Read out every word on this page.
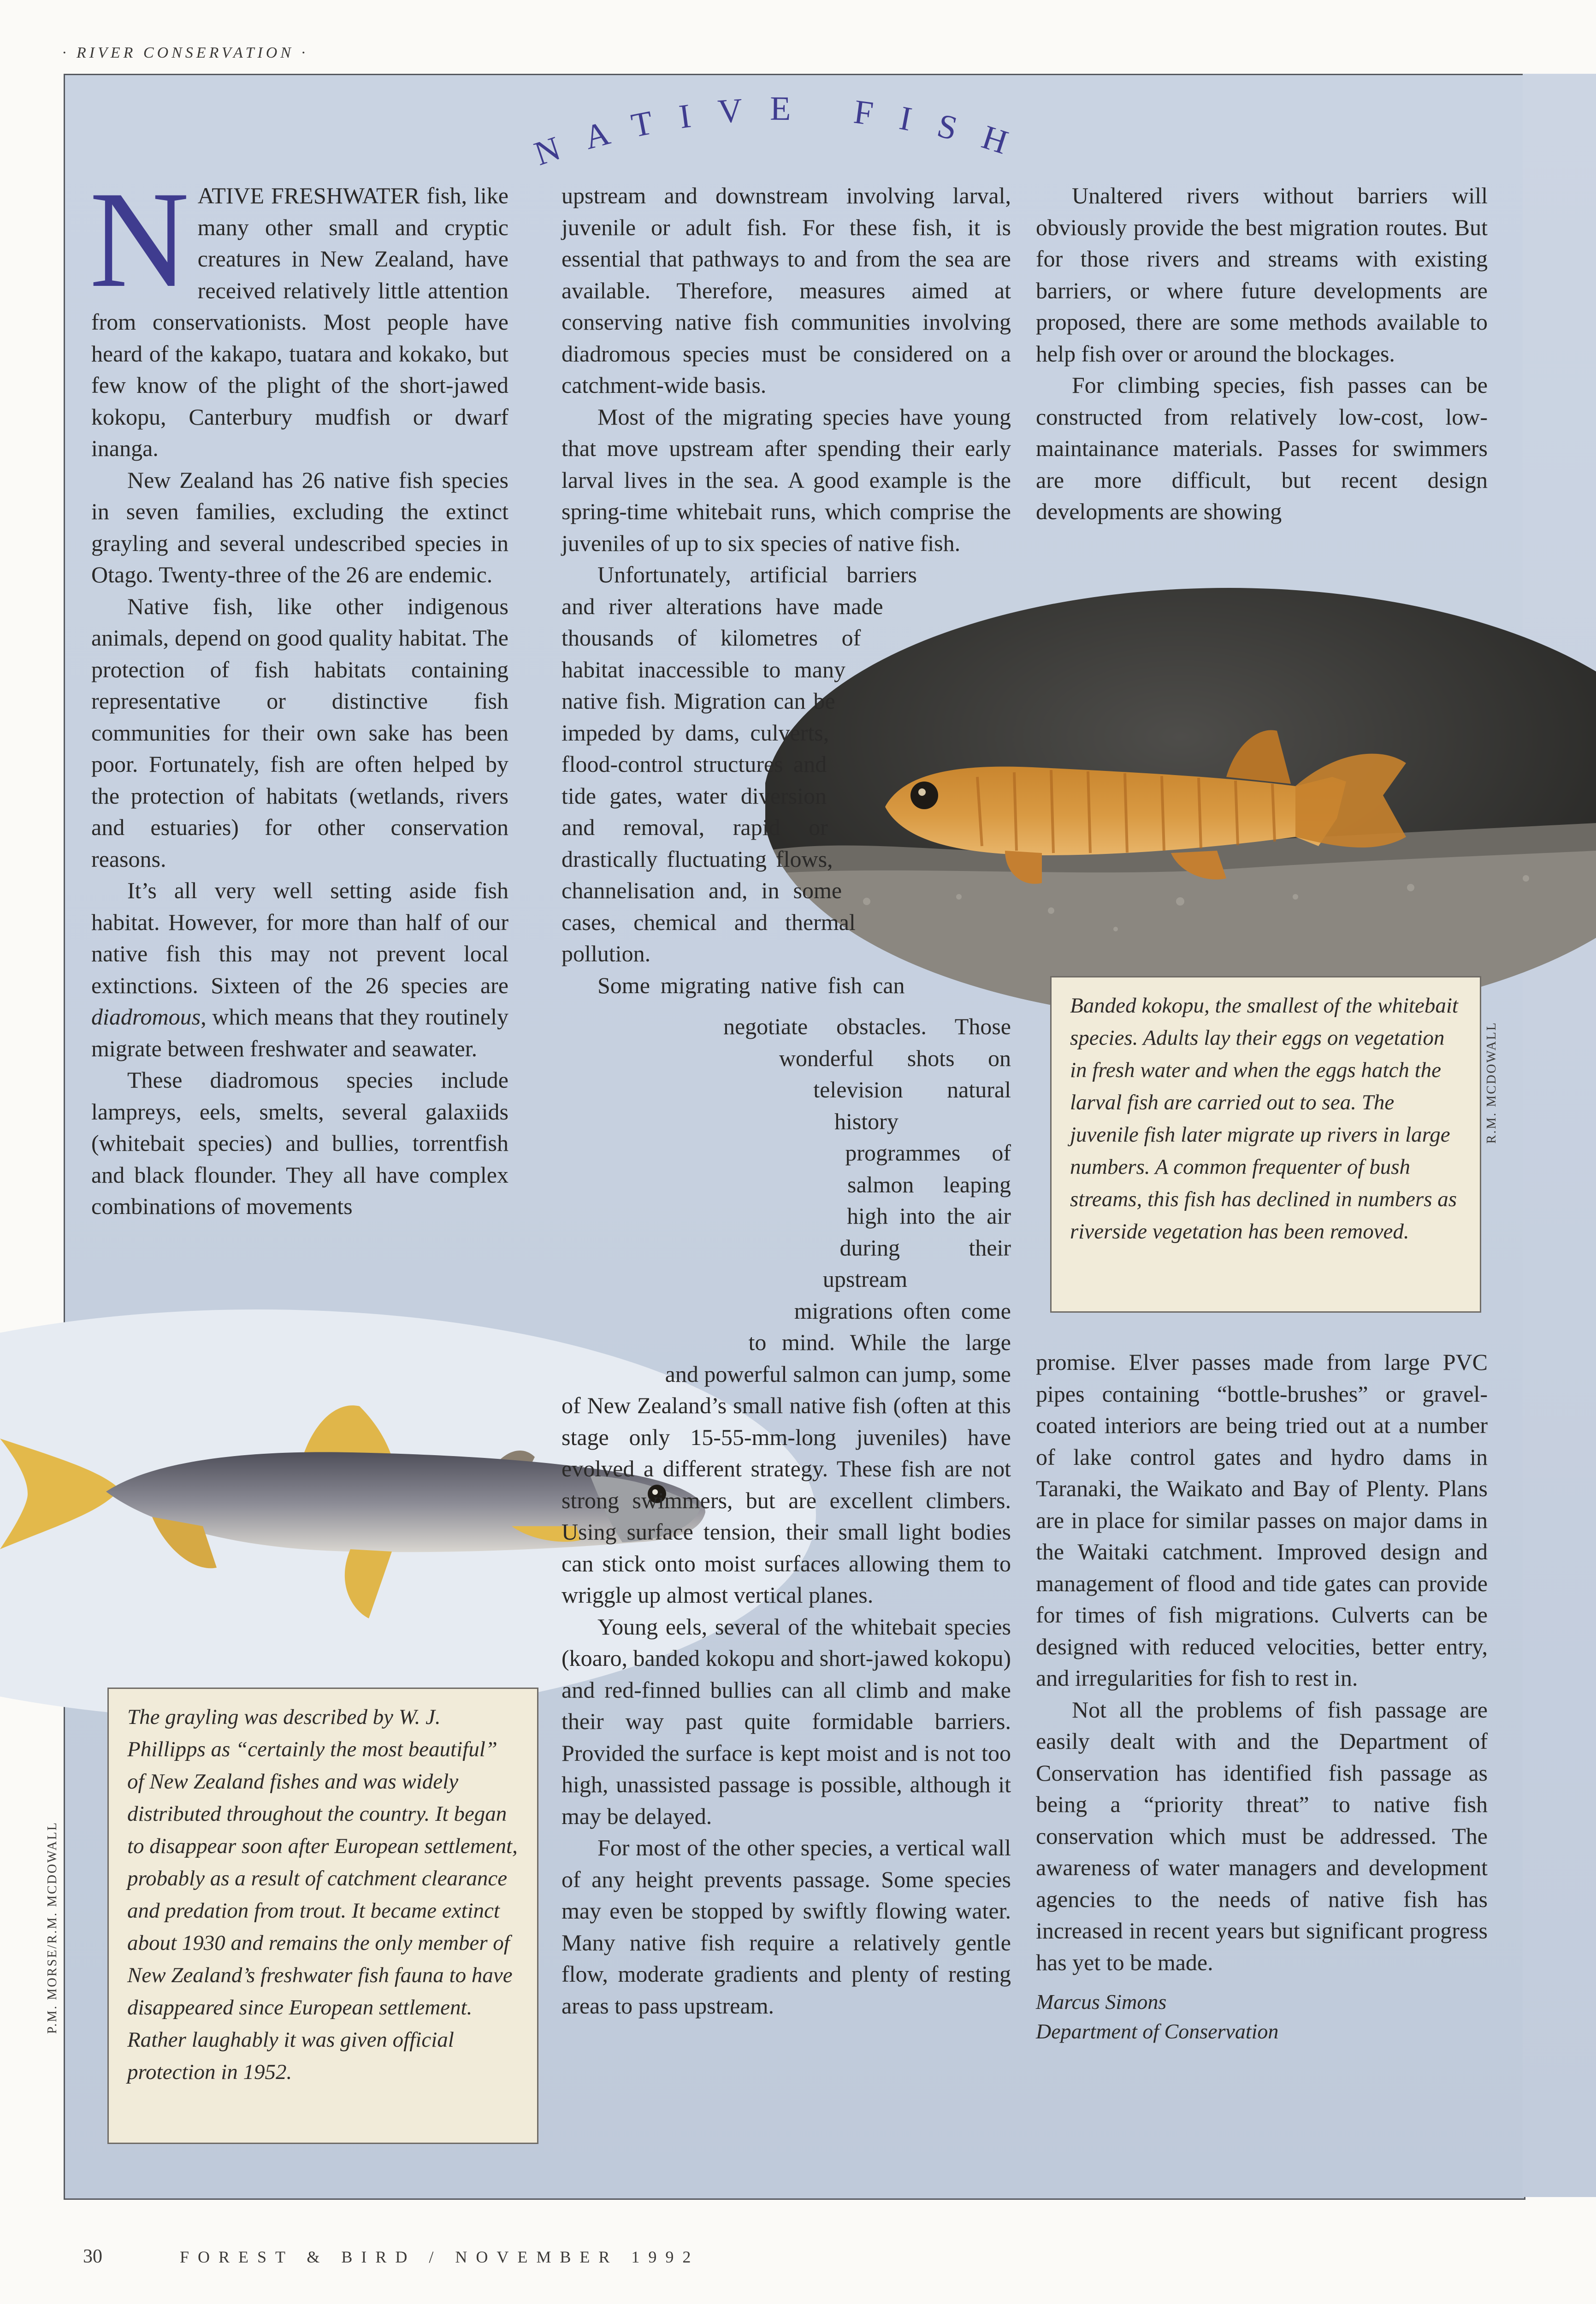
· RIVER CONSERVATION ·
NATIVE FISH

NATIVE FRESHWATER fish, like many other small and cryptic creatures in New Zealand, have received relatively little attention from conservationists. Most people have heard of the kakapo, tuatara and kokako, but few know of the plight of the short-jawed kokopu, Canterbury mudfish or dwarf inanga.

New Zealand has 26 native fish species in seven families, excluding the extinct grayling and several undescribed species in Otago. Twenty-three of the 26 are endemic.

Native fish, like other indigenous animals, depend on good quality habitat. The protection of fish habitats containing representative or distinctive fish communities for their own sake has been poor. Fortunately, fish are often helped by the protection of habitats (wetlands, rivers and estuaries) for other conservation reasons.

It’s all very well setting aside fish habitat. However, for more than half of our native fish this may not prevent local extinctions. Sixteen of the 26 species are diadromous, which means that they routinely migrate between freshwater and seawater.

These diadromous species include lampreys, eels, smelts, several galaxiids (whitebait species) and bullies, torrentfish and black flounder. They all have complex combinations of movements

upstream and downstream involving larval, juvenile or adult fish. For these fish, it is essential that pathways to and from the sea are available. Therefore, measures aimed at conserving native fish communities involving diadromous species must be considered on a catchment-wide basis.

Most of the migrating species have young that move upstream after spending their early larval lives in the sea. A good example is the spring-time whitebait runs, which comprise the juveniles of up to six species of native fish.

Unfortunately, artificial barriers and river alterations have made thousands of kilometres of habitat inaccessible to many native fish. Migration can be impeded by dams, culverts, flood-control structures and tide gates, water diversion and removal, rapid or drastically fluctuating flows, channelisation and, in some cases, chemical and thermal pollution.

Some migrating native fish can negotiate obstacles. Those wonderful shots on television natural history programmes of salmon leaping high into the air during their upstream migrations often come to mind. While the large and powerful salmon can jump, some of New Zealand’s small native fish (often at this stage only 15-55-mm-long juveniles) have evolved a different strategy. These fish are not strong swimmers, but are excellent climbers. Using surface tension, their small light bodies can stick onto moist surfaces allowing them to wriggle up almost vertical planes.

Young eels, several of the whitebait species (koaro, banded kokopu and short-jawed kokopu) and red-finned bullies can all climb and make their way past quite formidable barriers. Provided the surface is kept moist and is not too high, unassisted passage is possible, although it may be delayed.

For most of the other species, a vertical wall of any height prevents passage. Some species may even be stopped by swiftly flowing water. Many native fish require a relatively gentle flow, moderate gradients and plenty of resting areas to pass upstream.

Unaltered rivers without barriers will obviously provide the best migration routes. But for those rivers and streams with existing barriers, or where future developments are proposed, there are some methods available to help fish over or around the blockages.

For climbing species, fish passes can be constructed from relatively low-cost, low-maintainance materials. Passes for swimmers are more difficult, but recent design developments are showing

promise. Elver passes made from large PVC pipes containing “bottle-brushes” or gravel-coated interiors are being tried out at a number of lake control gates and hydro dams in Taranaki, the Waikato and Bay of Plenty. Plans are in place for similar passes on major dams in the Waitaki catchment. Improved design and management of flood and tide gates can provide for times of fish migrations. Culverts can be designed with reduced velocities, better entry, and irregularities for fish to rest in.

Not all the problems of fish passage are easily dealt with and the Department of Conservation has identified fish passage as being a “priority threat” to native fish conservation which must be addressed. The awareness of water managers and development agencies to the needs of native fish has increased in recent years but significant progress has yet to be made.

Marcus Simons

Department of Conservation

Banded kokopu, the smallest of the whitebait species. Adults lay their eggs on vegetation in fresh water and when the eggs hatch the larval fish are carried out to sea. The juvenile fish later migrate up rivers in large numbers. A common frequenter of bush streams, this fish has declined in numbers as riverside vegetation has been removed.
R.M. MCDOWALL
The grayling was described by W. J. Phillipps as “certainly the most beautiful” of New Zealand fishes and was widely distributed throughout the country. It began to disappear soon after European settlement, probably as a result of catchment clearance and predation from trout. It became extinct about 1930 and remains the only member of New Zealand’s freshwater fish fauna to have disappeared since European settlement. Rather laughably it was given official protection in 1952.
P.M. MORSE/R.M. MCDOWALL
30	FOREST & BIRD / NOVEMBER 1992
